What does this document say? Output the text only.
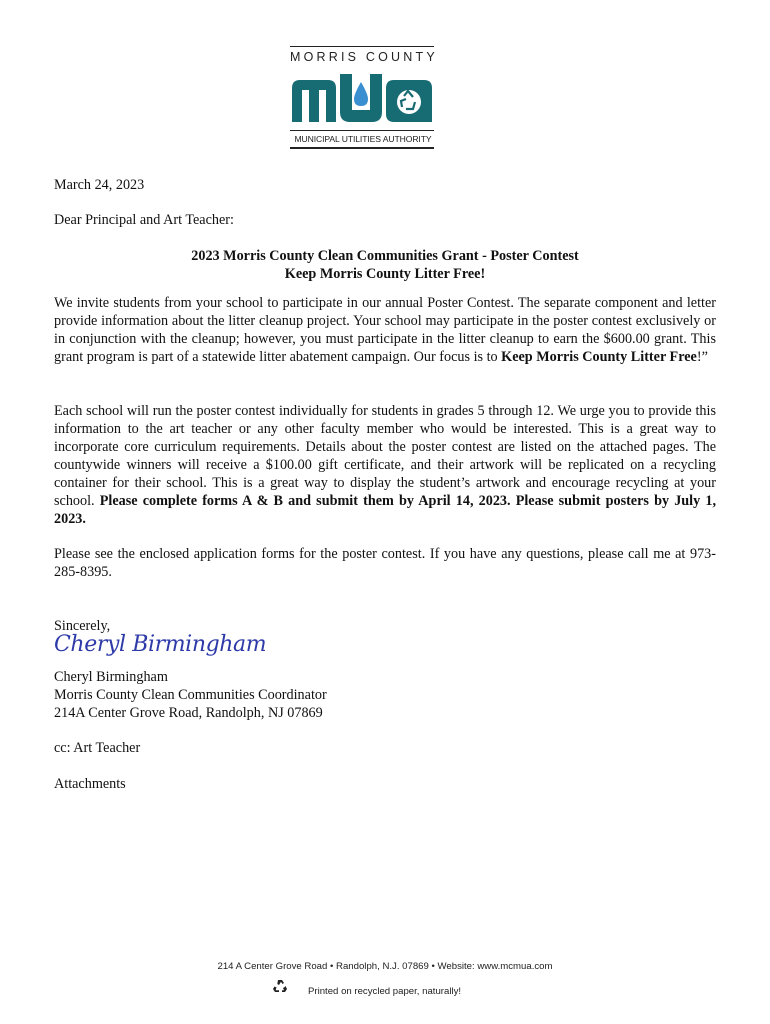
MORRIS COUNTY
MUNICIPAL UTILITIES AUTHORITY
March 24, 2023
Dear Principal and Art Teacher:
2023 Morris County Clean Communities Grant - Poster Contest
Keep Morris County Litter Free!
We invite students from your school to participate in our annual Poster Contest. The separate component and letter provide information about the litter cleanup project. Your school may participate in the poster contest exclusively or in conjunction with the cleanup; however, you must participate in the litter cleanup to earn the $600.00 grant. This grant program is part of a statewide litter abatement campaign. Our focus is to Keep Morris County Litter Free!”
Each school will run the poster contest individually for students in grades 5 through 12. We urge you to provide this information to the art teacher or any other faculty member who would be interested. This is a great way to incorporate core curriculum requirements. Details about the poster contest are listed on the attached pages. The countywide winners will receive a $100.00 gift certificate, and their artwork will be replicated on a recycling container for their school. This is a great way to display the student’s artwork and encourage recycling at your school. Please complete forms A & B and submit them by April 14, 2023. Please submit posters by July 1, 2023.
Please see the enclosed application forms for the poster contest. If you have any questions, please call me at 973-285-8395.
Sincerely,
Cheryl Birmingham
Cheryl Birmingham
Morris County Clean Communities Coordinator
214A Center Grove Road, Randolph, NJ 07869
cc: Art Teacher
Attachments
214 A Center Grove Road • Randolph, N.J. 07869 • Website: www.mcmua.com
Printed on recycled paper, naturally!
